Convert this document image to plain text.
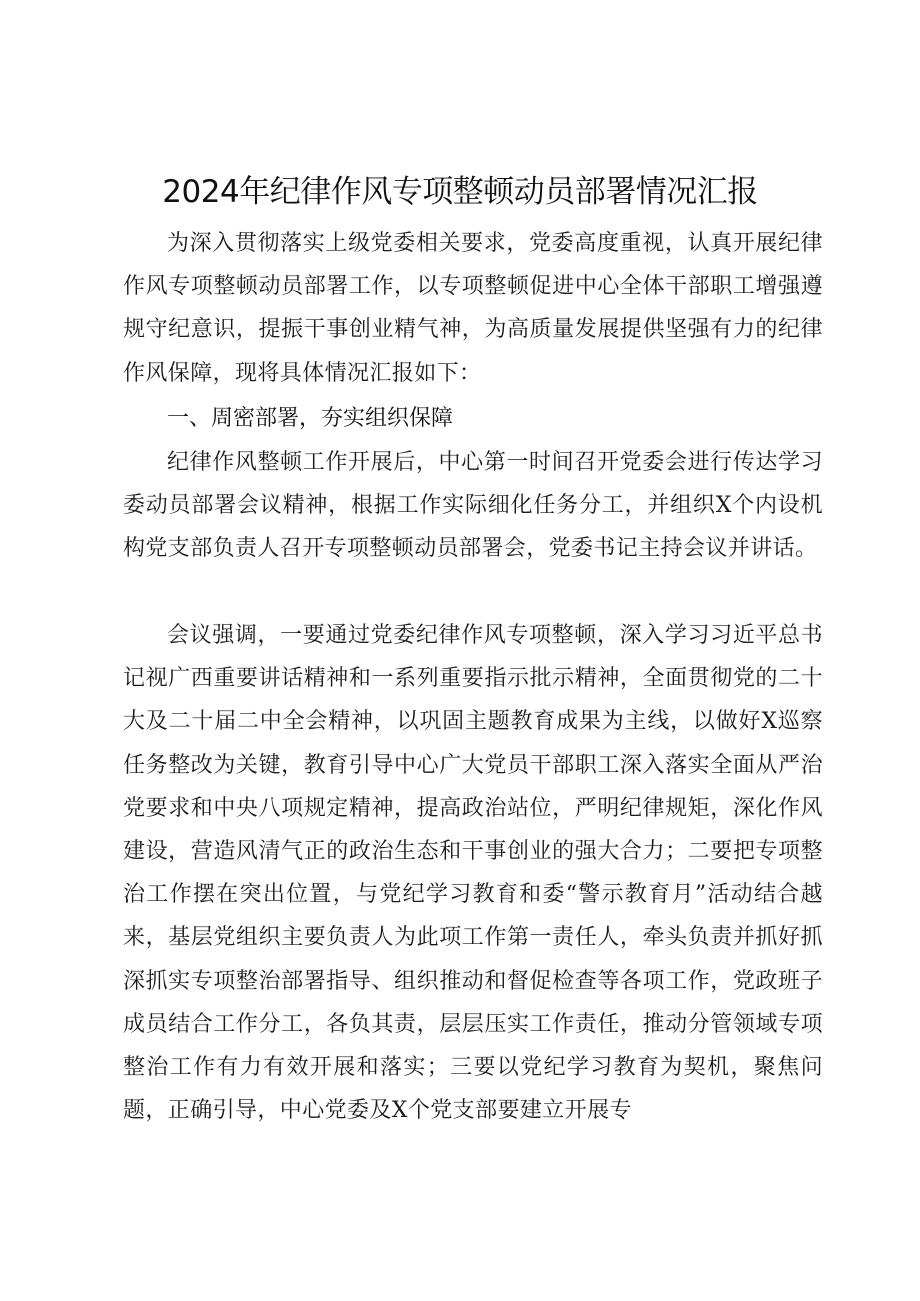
2024年纪律作风专项整顿动员部署情况汇报

为深入贯彻落实上级党委相关要求，党委高度重视，认真开展纪律作风专项整顿动员部署工作，以专项整顿促进中心全体干部职工增强遵规守纪意识，提振干事创业精气神，为高质量发展提供坚强有力的纪律作风保障，现将具体情况汇报如下：

一、周密部署，夯实组织保障

纪律作风整顿工作开展后，中心第一时间召开党委会进行传达学习委动员部署会议精神，根据工作实际细化任务分工，并组织X个内设机构党支部负责人召开专项整顿动员部署会，党委书记主持会议并讲话。

会议强调，一要通过党委纪律作风专项整顿，深入学习习近平总书记视广西重要讲话精神和一系列重要指示批示精神，全面贯彻党的二十大及二十届二中全会精神，以巩固主题教育成果为主线，以做好X巡察任务整改为关键，教育引导中心广大党员干部职工深入落实全面从严治党要求和中央八项规定精神，提高政治站位，严明纪律规矩，深化作风建设，营造风清气正的政治生态和干事创业的强大合力；二要把专项整治工作摆在突出位置，与党纪学习教育和委“警示教育月”活动结合越来，基层党组织主要负责人为此项工作第一责任人，牵头负责并抓好抓深抓实专项整治部署指导、组织推动和督促检查等各项工作，党政班子成员结合工作分工，各负其责，层层压实工作责任，推动分管领域专项整治工作有力有效开展和落实；三要以党纪学习教育为契机，聚焦问题，正确引导，中心党委及X个党支部要建立开展专
